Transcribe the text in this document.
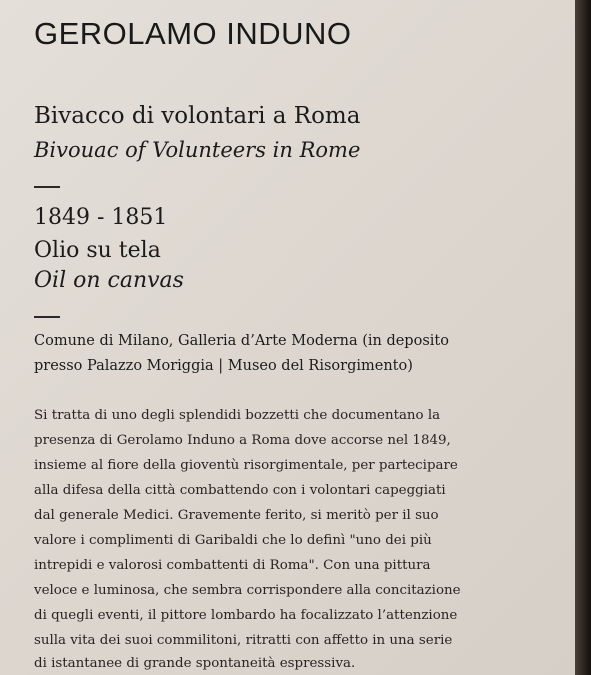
GEROLAMO INDUNO
Bivacco di volontari a Roma
Bivouac of Volunteers in Rome
1849 - 1851
Olio su tela
Oil on canvas
Comune di Milano, Galleria d’Arte Moderna (in deposito
presso Palazzo Moriggia | Museo del Risorgimento)
Si tratta di uno degli splendidi bozzetti che documentano la
presenza di Gerolamo Induno a Roma dove accorse nel 1849,
insieme al fiore della gioventù risorgimentale, per partecipare
alla difesa della città combattendo con i volontari capeggiati
dal generale Medici. Gravemente ferito, si meritò per il suo
valore i complimenti di Garibaldi che lo definì "uno dei più
intrepidi e valorosi combattenti di Roma". Con una pittura
veloce e luminosa, che sembra corrispondere alla concitazione
di quegli eventi, il pittore lombardo ha focalizzato l’attenzione
sulla vita dei suoi commilitoni, ritratti con affetto in una serie
di istantanee di grande spontaneità espressiva.
